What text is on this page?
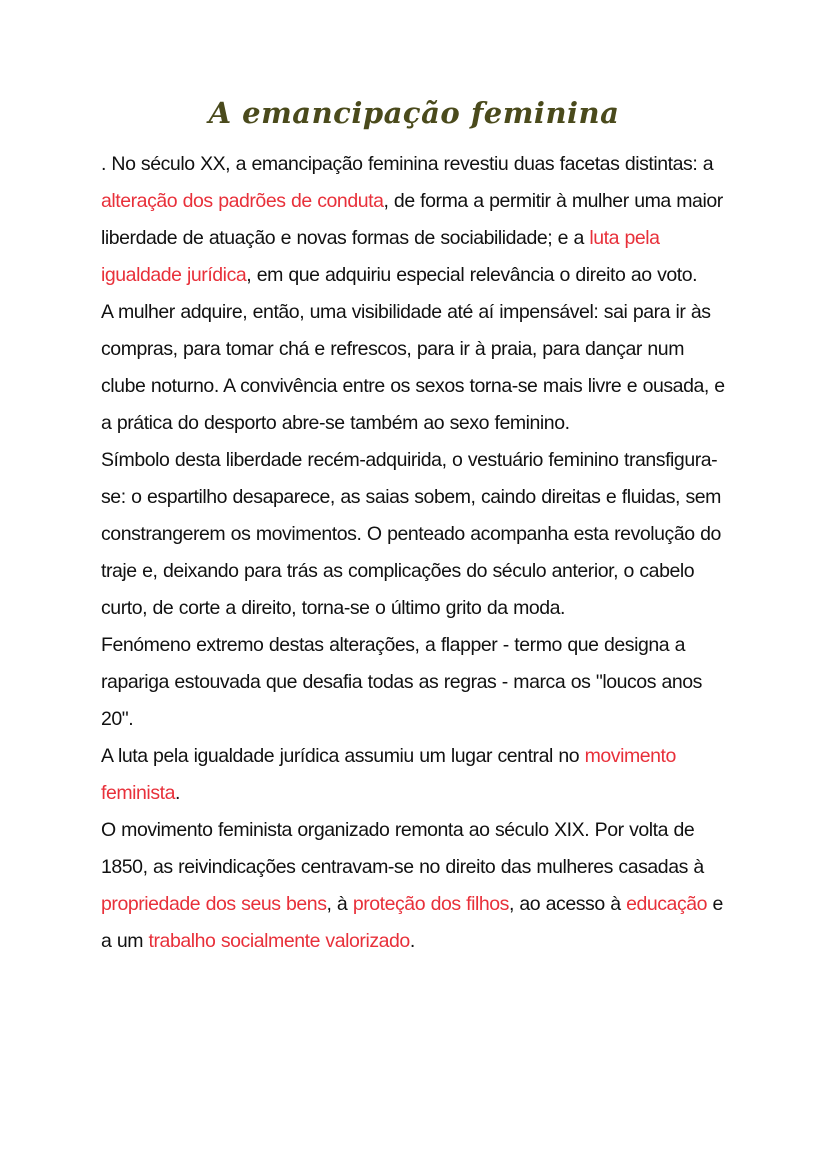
A emancipação feminina

. No século XX, a emancipação feminina revestiu duas facetas distintas: a alteração dos padrões de conduta, de forma a permitir à mulher uma maior liberdade de atuação e novas formas de sociabilidade; e a luta pela igualdade jurídica, em que adquiriu especial relevância o direito ao voto.

A mulher adquire, então, uma visibilidade até aí impensável: sai para ir às compras, para tomar chá e refrescos, para ir à praia, para dançar num clube noturno. A convivência entre os sexos torna-se mais livre e ousada, e a prática do desporto abre-se também ao sexo feminino.

Símbolo desta liberdade recém-adquirida, o vestuário feminino transfigura-se: o espartilho desaparece, as saias sobem, caindo direitas e fluidas, sem constrangerem os movimentos. O penteado acompanha esta revolução do traje e, deixando para trás as complicações do século anterior, o cabelo curto, de corte a direito, torna-se o último grito da moda.

Fenómeno extremo destas alterações, a flapper - termo que designa a rapariga estouvada que desafia todas as regras - marca os "loucos anos 20".

A luta pela igualdade jurídica assumiu um lugar central no movimento feminista.

O movimento feminista organizado remonta ao século XIX. Por volta de 1850, as reivindicações centravam-se no direito das mulheres casadas à propriedade dos seus bens, à proteção dos filhos, ao acesso à educação e a um trabalho socialmente valorizado.
